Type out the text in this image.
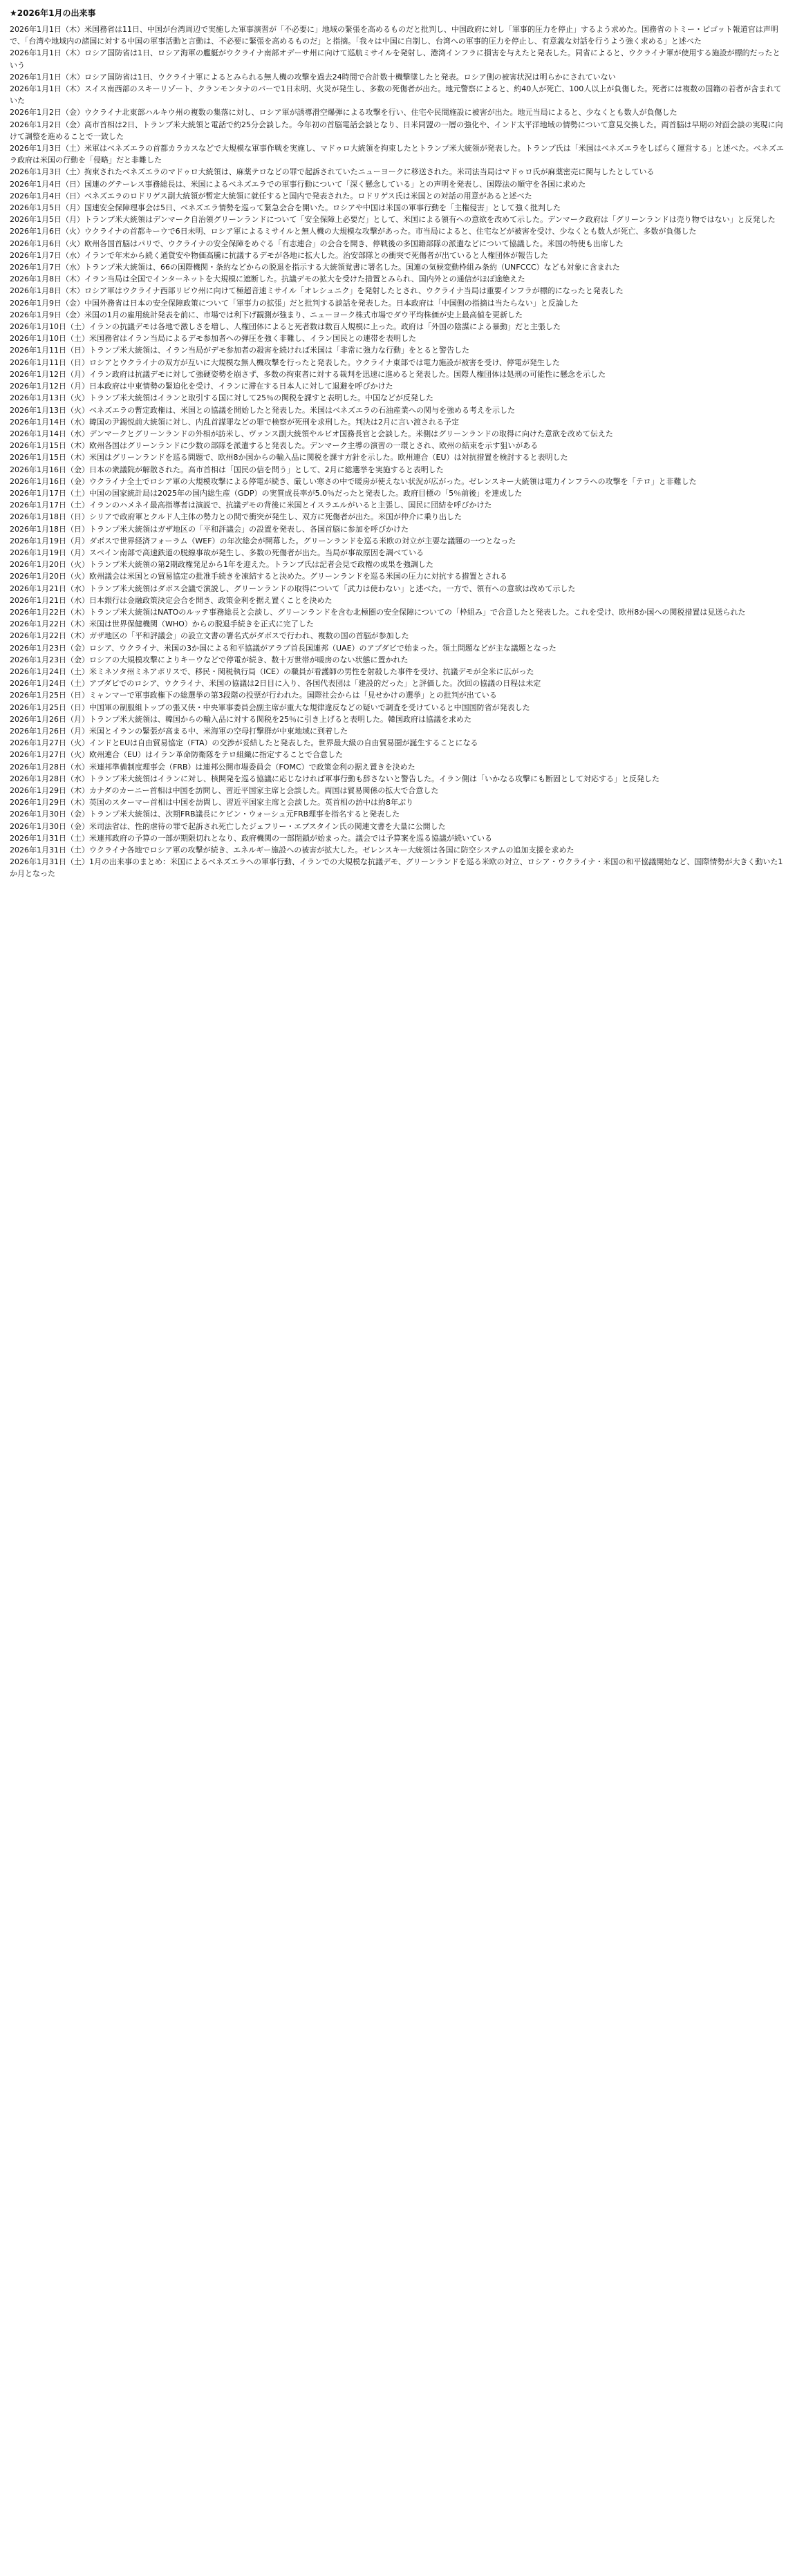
★2026年1月の出来事

2026年1月1日（木）米国務省は11日、中国が台湾周辺で実施した軍事演習が「不必要に」地域の緊張を高めるものだと批判し、中国政府に対し「軍事的圧力を停止」するよう求めた。国務省のトミー・ピゴット報道官は声明で、「台湾や地域内の諸国に対する中国の軍事活動と言動は、不必要に緊張を高めるものだ」と指摘。「我々は中国に自制し、台湾への軍事的圧力を停止し、有意義な対話を行うよう強く求める」と述べた

2026年1月1日（木）ロシア国防省は1日、ロシア海軍の艦艇がウクライナ南部オデーサ州に向けて巡航ミサイルを発射し、港湾インフラに損害を与えたと発表した。同省によると、ウクライナ軍が使用する施設が標的だったという

2026年1月1日（木）ロシア国防省は1日、ウクライナ軍によるとみられる無人機の攻撃を過去24時間で合計数十機撃墜したと発表。ロシア側の被害状況は明らかにされていない

2026年1月1日（木）スイス南西部のスキーリゾート、クランモンタナのバーで1日未明、火災が発生し、多数の死傷者が出た。地元警察によると、約40人が死亡、100人以上が負傷した。死者には複数の国籍の若者が含まれていた

2026年1月2日（金）ウクライナ北東部ハルキウ州の複数の集落に対し、ロシア軍が誘導滑空爆弾による攻撃を行い、住宅や民間施設に被害が出た。地元当局によると、少なくとも数人が負傷した

2026年1月2日（金）高市首相は2日、トランプ米大統領と電話で約25分会談した。今年初の首脳電話会談となり、日米同盟の一層の強化や、インド太平洋地域の情勢について意見交換した。両首脳は早期の対面会談の実現に向けて調整を進めることで一致した

2026年1月3日（土）米軍はベネズエラの首都カラカスなどで大規模な軍事作戦を実施し、マドゥロ大統領を拘束したとトランプ米大統領が発表した。トランプ氏は「米国はベネズエラをしばらく運営する」と述べた。ベネズエラ政府は米国の行動を「侵略」だと非難した

2026年1月3日（土）拘束されたベネズエラのマドゥロ大統領は、麻薬テロなどの罪で起訴されていたニューヨークに移送された。米司法当局はマドゥロ氏が麻薬密売に関与したとしている

2026年1月4日（日）国連のグテーレス事務総長は、米国によるベネズエラでの軍事行動について「深く懸念している」との声明を発表し、国際法の順守を各国に求めた

2026年1月4日（日）ベネズエラのロドリゲス副大統領が暫定大統領に就任すると国内で発表された。ロドリゲス氏は米国との対話の用意があると述べた

2026年1月5日（月）国連安全保障理事会は5日、ベネズエラ情勢を巡って緊急会合を開いた。ロシアや中国は米国の軍事行動を「主権侵害」として強く批判した

2026年1月5日（月）トランプ米大統領はデンマーク自治領グリーンランドについて「安全保障上必要だ」として、米国による領有への意欲を改めて示した。デンマーク政府は「グリーンランドは売り物ではない」と反発した

2026年1月6日（火）ウクライナの首都キーウで6日未明、ロシア軍によるミサイルと無人機の大規模な攻撃があった。市当局によると、住宅などが被害を受け、少なくとも数人が死亡、多数が負傷した

2026年1月6日（火）欧州各国首脳はパリで、ウクライナの安全保障をめぐる「有志連合」の会合を開き、停戦後の多国籍部隊の派遣などについて協議した。米国の特使も出席した

2026年1月7日（水）イランで年末から続く通貨安や物価高騰に抗議するデモが各地に拡大した。治安部隊との衝突で死傷者が出ていると人権団体が報告した

2026年1月7日（水）トランプ米大統領は、66の国際機関・条約などからの脱退を指示する大統領覚書に署名した。国連の気候変動枠組み条約（UNFCCC）なども対象に含まれた

2026年1月8日（木）イラン当局は全国でインターネットを大規模に遮断した。抗議デモの拡大を受けた措置とみられ、国内外との通信がほぼ途絶えた

2026年1月8日（木）ロシア軍はウクライナ西部リビウ州に向けて極超音速ミサイル「オレシュニク」を発射したとされ、ウクライナ当局は重要インフラが標的になったと発表した

2026年1月9日（金）中国外務省は日本の安全保障政策について「軍事力の拡張」だと批判する談話を発表した。日本政府は「中国側の指摘は当たらない」と反論した

2026年1月9日（金）米国の1月の雇用統計発表を前に、市場では利下げ観測が強まり、ニューヨーク株式市場でダウ平均株価が史上最高値を更新した

2026年1月10日（土）イランの抗議デモは各地で激しさを増し、人権団体によると死者数は数百人規模に上った。政府は「外国の陰謀による暴動」だと主張した

2026年1月10日（土）米国務省はイラン当局によるデモ参加者への弾圧を強く非難し、イラン国民との連帯を表明した

2026年1月11日（日）トランプ米大統領は、イラン当局がデモ参加者の殺害を続ければ米国は「非常に強力な行動」をとると警告した

2026年1月11日（日）ロシアとウクライナの双方が互いに大規模な無人機攻撃を行ったと発表した。ウクライナ東部では電力施設が被害を受け、停電が発生した

2026年1月12日（月）イラン政府は抗議デモに対して強硬姿勢を崩さず、多数の拘束者に対する裁判を迅速に進めると発表した。国際人権団体は処刑の可能性に懸念を示した

2026年1月12日（月）日本政府は中東情勢の緊迫化を受け、イランに滞在する日本人に対して退避を呼びかけた

2026年1月13日（火）トランプ米大統領はイランと取引する国に対して25％の関税を課すと表明した。中国などが反発した

2026年1月13日（火）ベネズエラの暫定政権は、米国との協議を開始したと発表した。米国はベネズエラの石油産業への関与を強める考えを示した

2026年1月14日（水）韓国の尹錫悦前大統領に対し、内乱首謀罪などの罪で検察が死刑を求刑した。判決は2月に言い渡される予定

2026年1月14日（水）デンマークとグリーンランドの外相が訪米し、ヴァンス副大統領やルビオ国務長官と会談した。米側はグリーンランドの取得に向けた意欲を改めて伝えた

2026年1月15日（木）欧州各国はグリーンランドに少数の部隊を派遣すると発表した。デンマーク主導の演習の一環とされ、欧州の結束を示す狙いがある

2026年1月15日（木）米国はグリーンランドを巡る問題で、欧州8か国からの輸入品に関税を課す方針を示した。欧州連合（EU）は対抗措置を検討すると表明した

2026年1月16日（金）日本の衆議院が解散された。高市首相は「国民の信を問う」として、2月に総選挙を実施すると表明した

2026年1月16日（金）ウクライナ全土でロシア軍の大規模攻撃による停電が続き、厳しい寒さの中で暖房が使えない状況が広がった。ゼレンスキー大統領は電力インフラへの攻撃を「テロ」と非難した

2026年1月17日（土）中国の国家統計局は2025年の国内総生産（GDP）の実質成長率が5.0％だったと発表した。政府目標の「5％前後」を達成した

2026年1月17日（土）イランのハメネイ最高指導者は演説で、抗議デモの背後に米国とイスラエルがいると主張し、国民に団結を呼びかけた

2026年1月18日（日）シリアで政府軍とクルド人主体の勢力との間で衝突が発生し、双方に死傷者が出た。米国が仲介に乗り出した

2026年1月18日（日）トランプ米大統領はガザ地区の「平和評議会」の設置を発表し、各国首脳に参加を呼びかけた

2026年1月19日（月）ダボスで世界経済フォーラム（WEF）の年次総会が開幕した。グリーンランドを巡る米欧の対立が主要な議題の一つとなった

2026年1月19日（月）スペイン南部で高速鉄道の脱線事故が発生し、多数の死傷者が出た。当局が事故原因を調べている

2026年1月20日（火）トランプ米大統領の第2期政権発足から1年を迎えた。トランプ氏は記者会見で政権の成果を強調した

2026年1月20日（火）欧州議会は米国との貿易協定の批准手続きを凍結すると決めた。グリーンランドを巡る米国の圧力に対抗する措置とされる

2026年1月21日（水）トランプ米大統領はダボス会議で演説し、グリーンランドの取得について「武力は使わない」と述べた。一方で、領有への意欲は改めて示した

2026年1月21日（水）日本銀行は金融政策決定会合を開き、政策金利を据え置くことを決めた

2026年1月22日（木）トランプ米大統領はNATOのルッテ事務総長と会談し、グリーンランドを含む北極圏の安全保障についての「枠組み」で合意したと発表した。これを受け、欧州8か国への関税措置は見送られた

2026年1月22日（木）米国は世界保健機関（WHO）からの脱退手続きを正式に完了した

2026年1月22日（木）ガザ地区の「平和評議会」の設立文書の署名式がダボスで行われ、複数の国の首脳が参加した

2026年1月23日（金）ロシア、ウクライナ、米国の3か国による和平協議がアラブ首長国連邦（UAE）のアブダビで始まった。領土問題などが主な議題となった

2026年1月23日（金）ロシアの大規模攻撃によりキーウなどで停電が続き、数十万世帯が暖房のない状態に置かれた

2026年1月24日（土）米ミネソタ州ミネアポリスで、移民・関税執行局（ICE）の職員が看護師の男性を射殺した事件を受け、抗議デモが全米に広がった

2026年1月24日（土）アブダビでのロシア、ウクライナ、米国の協議は2日目に入り、各国代表団は「建設的だった」と評価した。次回の協議の日程は未定

2026年1月25日（日）ミャンマーで軍事政権下の総選挙の第3段階の投票が行われた。国際社会からは「見せかけの選挙」との批判が出ている

2026年1月25日（日）中国軍の制服組トップの張又侠・中央軍事委員会副主席が重大な規律違反などの疑いで調査を受けていると中国国防省が発表した

2026年1月26日（月）トランプ米大統領は、韓国からの輸入品に対する関税を25％に引き上げると表明した。韓国政府は協議を求めた

2026年1月26日（月）米国とイランの緊張が高まる中、米海軍の空母打撃群が中東地域に到着した

2026年1月27日（火）インドとEUは自由貿易協定（FTA）の交渉が妥結したと発表した。世界最大級の自由貿易圏が誕生することになる

2026年1月27日（火）欧州連合（EU）はイラン革命防衛隊をテロ組織に指定することで合意した

2026年1月28日（水）米連邦準備制度理事会（FRB）は連邦公開市場委員会（FOMC）で政策金利の据え置きを決めた

2026年1月28日（水）トランプ米大統領はイランに対し、核開発を巡る協議に応じなければ軍事行動も辞さないと警告した。イラン側は「いかなる攻撃にも断固として対応する」と反発した

2026年1月29日（木）カナダのカーニー首相は中国を訪問し、習近平国家主席と会談した。両国は貿易関係の拡大で合意した

2026年1月29日（木）英国のスターマー首相は中国を訪問し、習近平国家主席と会談した。英首相の訪中は約8年ぶり

2026年1月30日（金）トランプ米大統領は、次期FRB議長にケビン・ウォーシュ元FRB理事を指名すると発表した

2026年1月30日（金）米司法省は、性的虐待の罪で起訴され死亡したジェフリー・エプスタイン氏の関連文書を大量に公開した

2026年1月31日（土）米連邦政府の予算の一部が期限切れとなり、政府機関の一部閉鎖が始まった。議会では予算案を巡る協議が続いている

2026年1月31日（土）ウクライナ各地でロシア軍の攻撃が続き、エネルギー施設への被害が拡大した。ゼレンスキー大統領は各国に防空システムの追加支援を求めた

2026年1月31日（土）1月の出来事のまとめ：米国によるベネズエラへの軍事行動、イランでの大規模な抗議デモ、グリーンランドを巡る米欧の対立、ロシア・ウクライナ・米国の和平協議開始など、国際情勢が大きく動いた1か月となった
